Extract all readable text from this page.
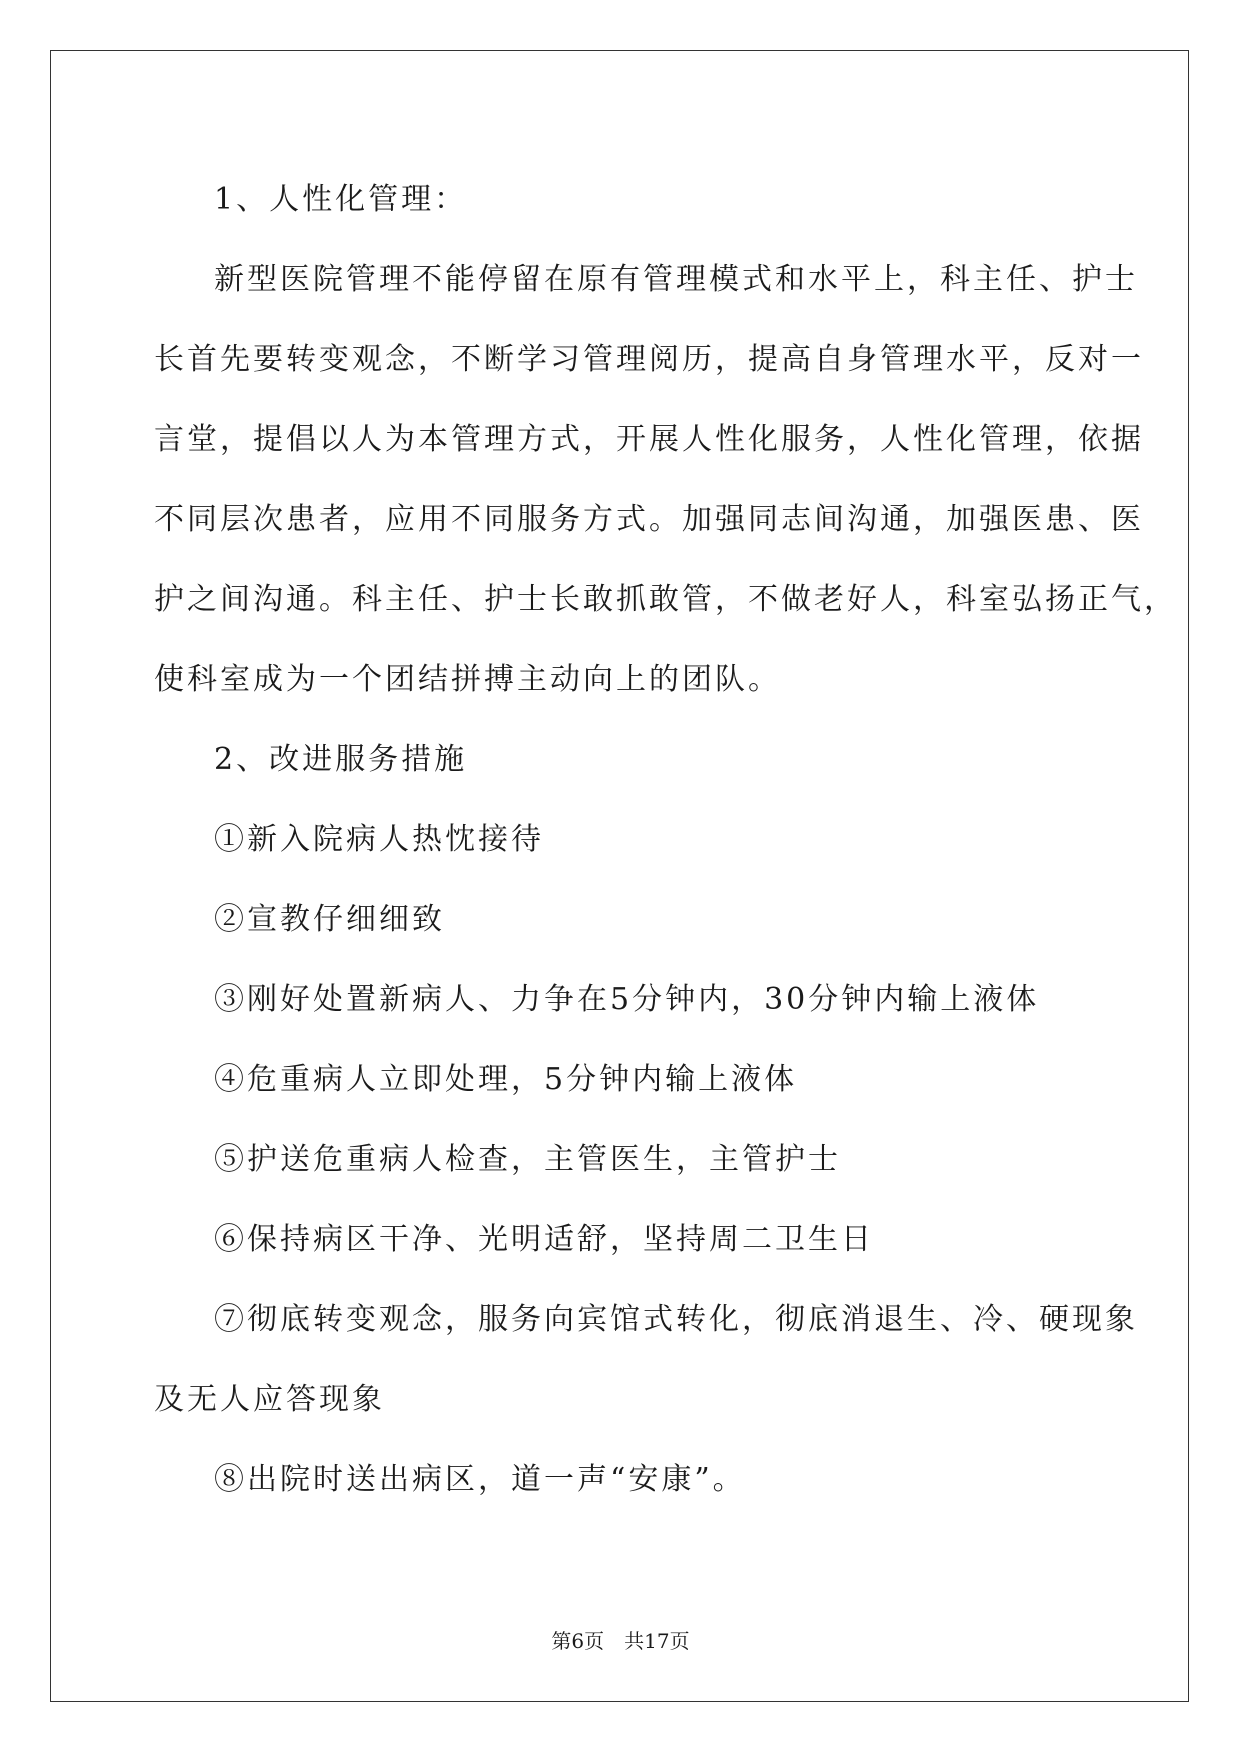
1、人性化管理：

新型医院管理不能停留在原有管理模式和水平上，科主任、护士

长首先要转变观念，不断学习管理阅历，提高自身管理水平，反对一

言堂，提倡以人为本管理方式，开展人性化服务，人性化管理，依据

不同层次患者，应用不同服务方式。加强同志间沟通，加强医患、医

护之间沟通。科主任、护士长敢抓敢管，不做老好人，科室弘扬正气，

使科室成为一个团结拼搏主动向上的团队。

2、改进服务措施

①新入院病人热忱接待

②宣教仔细细致

③刚好处置新病人、力争在5分钟内，30分钟内输上液体

④危重病人立即处理，5分钟内输上液体

⑤护送危重病人检查，主管医生，主管护士

⑥保持病区干净、光明适舒，坚持周二卫生日

⑦彻底转变观念，服务向宾馆式转化，彻底消退生、冷、硬现象

及无人应答现象

⑧出院时送出病区，道一声“安康”。

第6页 共17页
